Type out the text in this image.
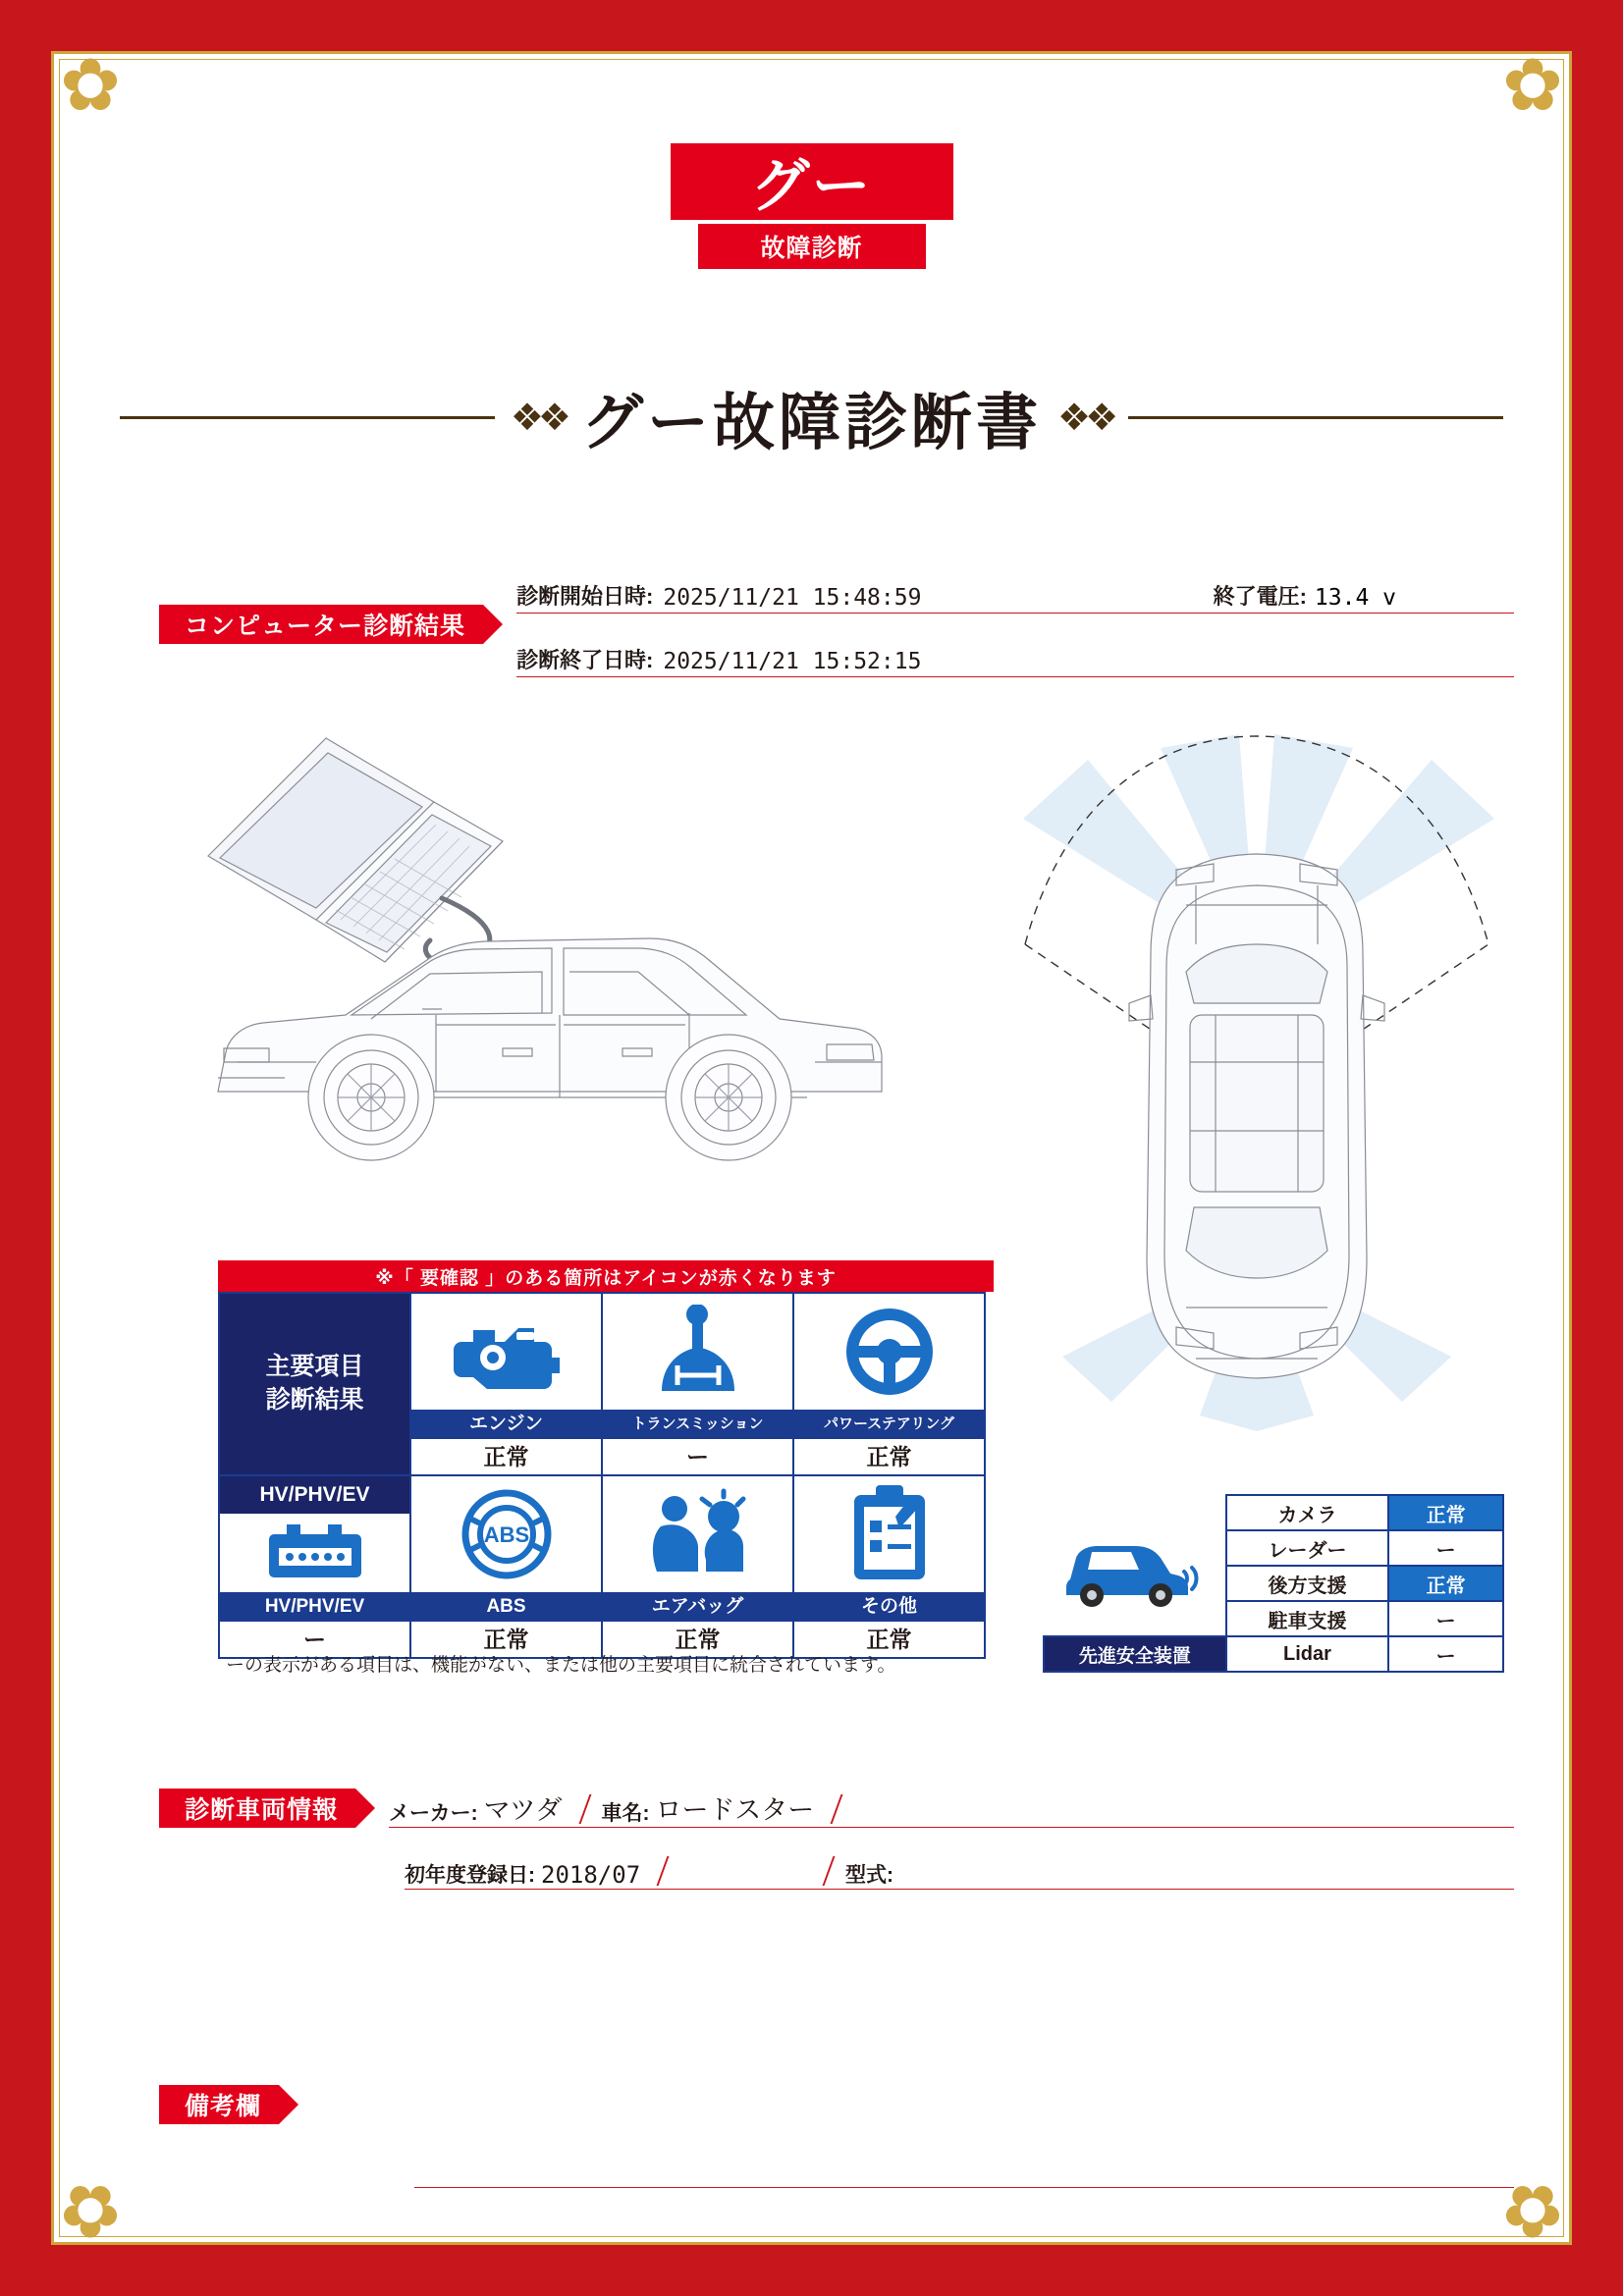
✿	✿
✿	✿
グー
故障診断
❖❖ グー故障診断書 ❖❖
コンピューター診断結果
診断開始日時: 2025/11/21 15:48:59	終了電圧: 13.4 v
診断終了日時: 2025/11/21 15:52:15
※「 要確認 」のある箇所はアイコンが赤くなります
主要項目
診断結果
エンジン
正常
トランスミッション
ー
パワーステアリング
正常
HV/PHV/EV
HV/PHV/EV
ー
ABS
ABS
正常
エアバッグ
正常
その他
正常
ーの表示がある項目は、機能がない、または他の主要項目に統合されています。
	カメラ	正常
	レーダー	ー
	後方支援	正常
	駐車支援	ー
先進安全装置	Lidar	ー
診断車両情報	メーカー: マツダ 車名: ロードスター
初年度登録日: 2018/07	型式:
備考欄
